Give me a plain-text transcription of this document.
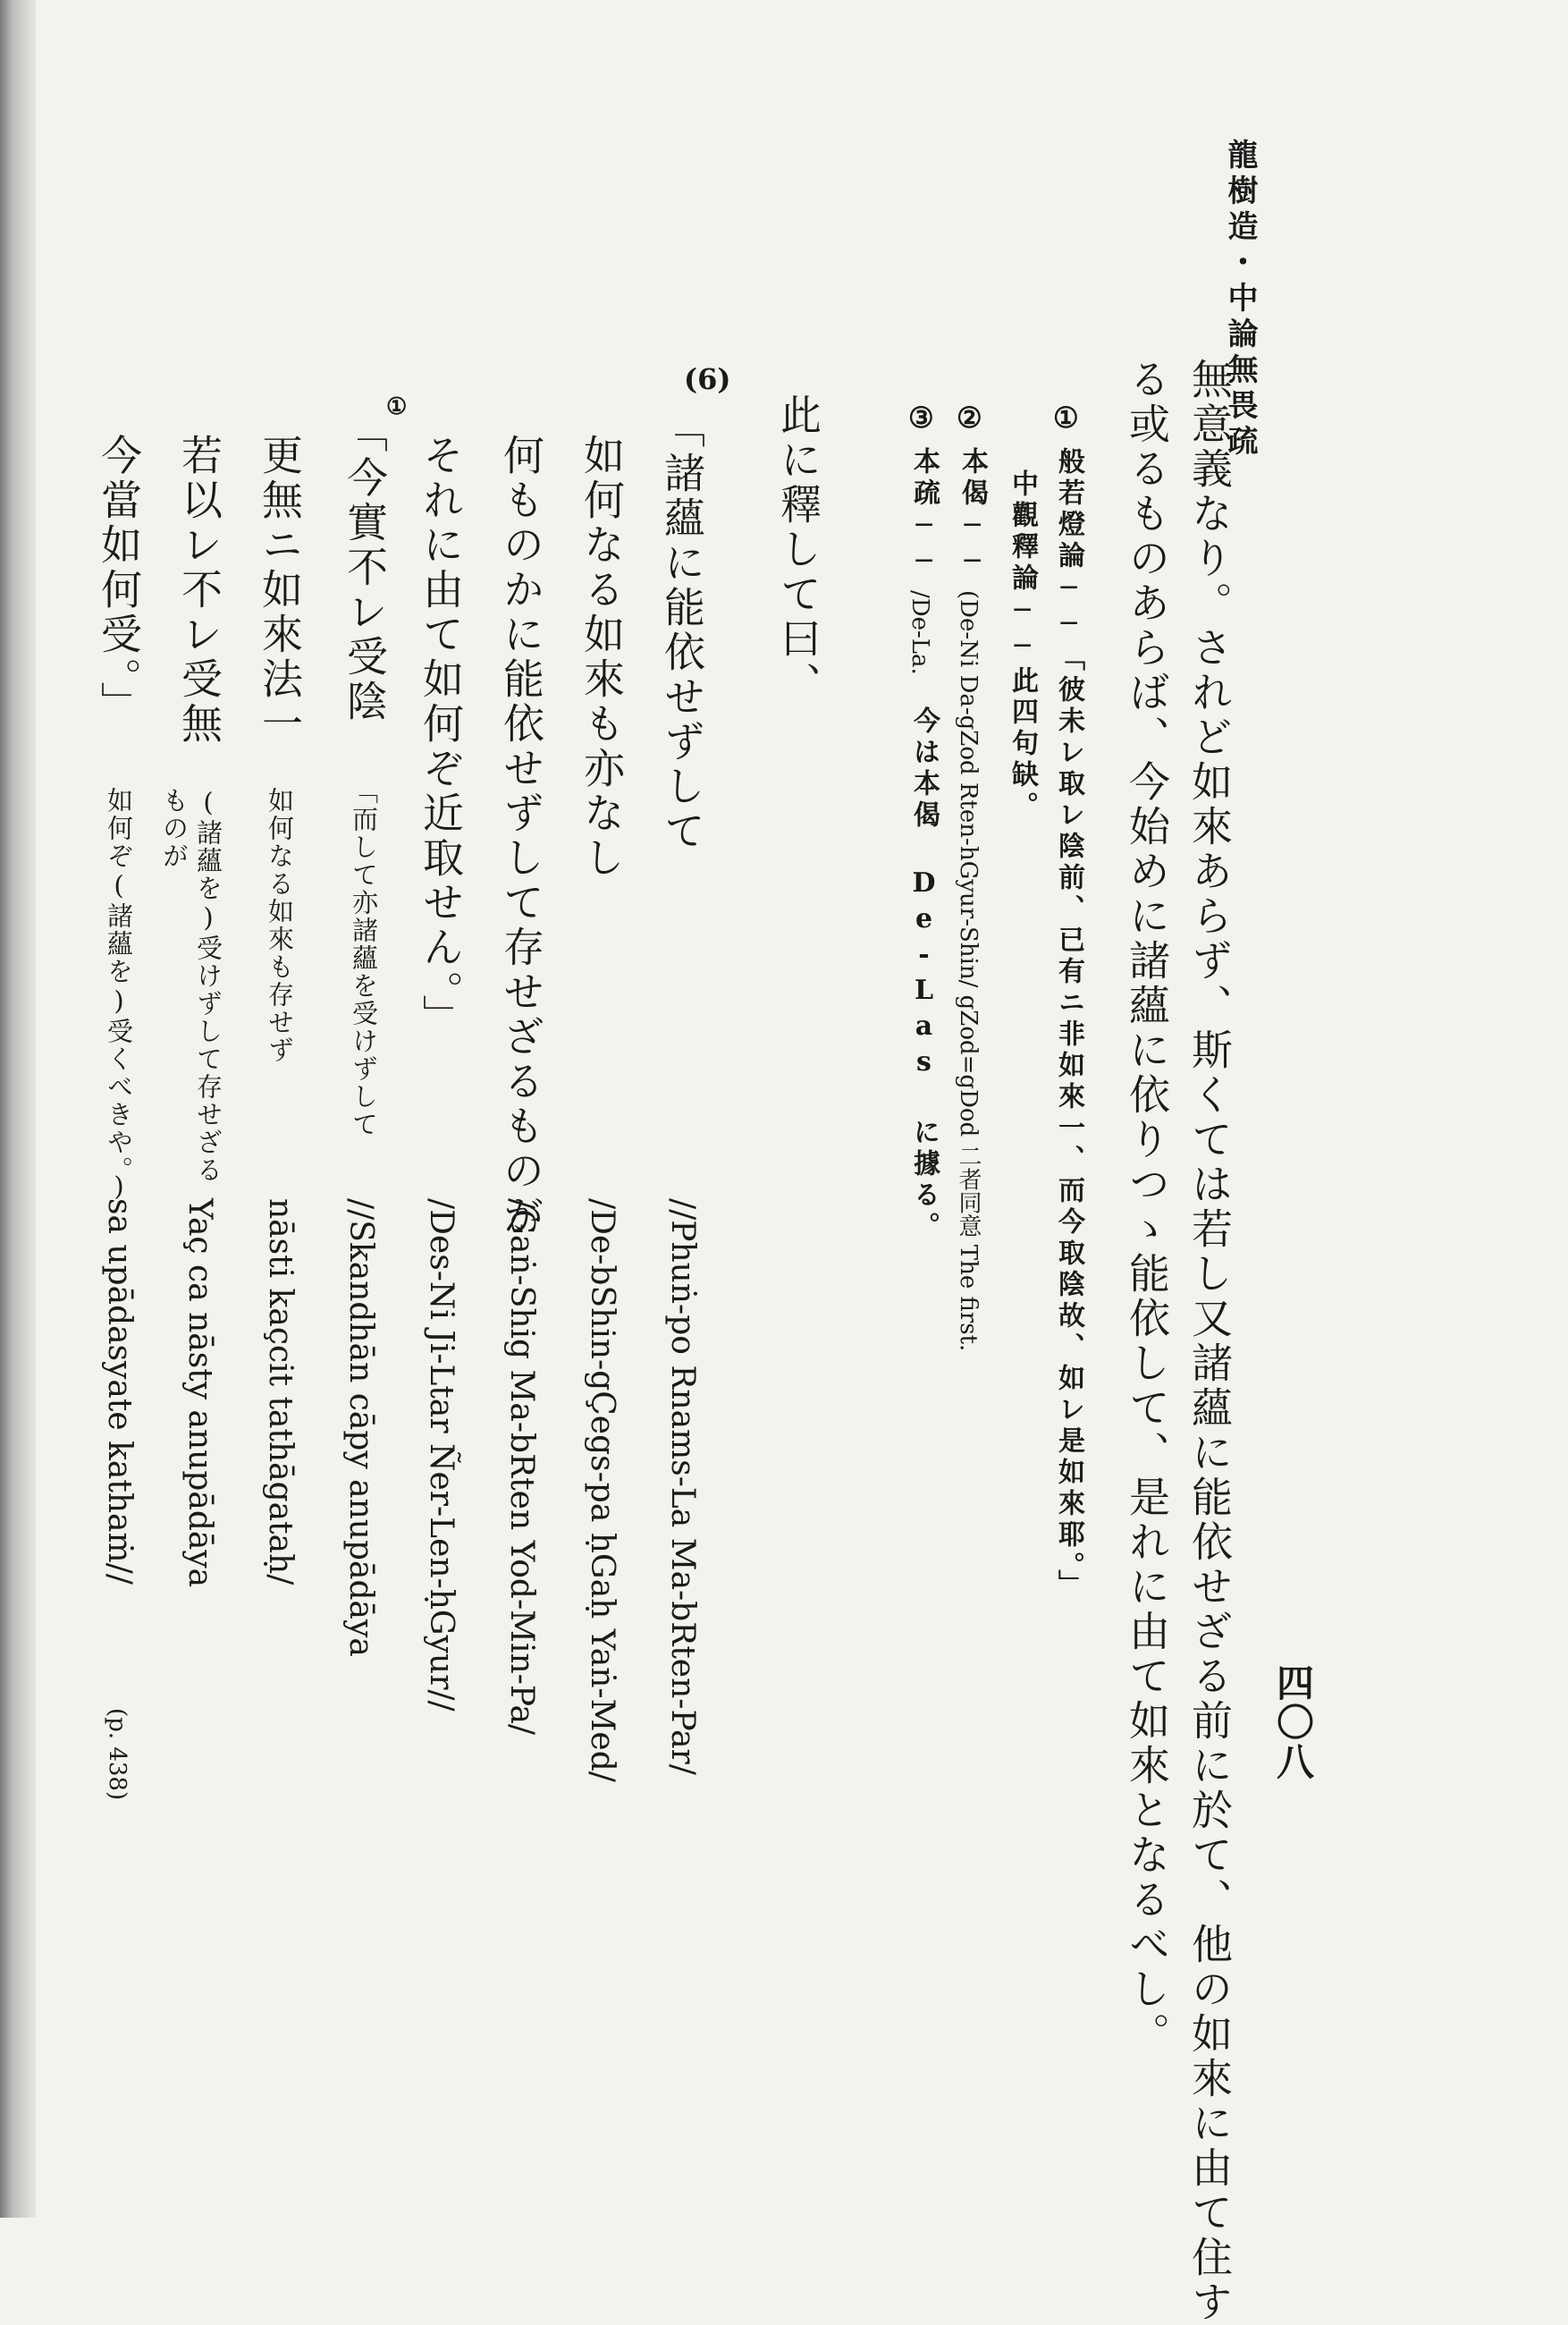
龍樹造・中論無畏疏
四〇八
無意義なり。されど如來あらず、斯くては若し又諸蘊に能依せざる前に於て、他の如來に由て住す
る或るものあらば、今始めに諸蘊に依りつゝ能依して、是れに由て如來となるべし。
①
般若燈論──「彼未レ取レ陰前、已有ニ非如來一、而今取陰故、如レ是如來耶。」
中觀釋論──此四句缺。
②
本偈──
(De-Ni Da-gZod Rten-hGyur-Shin/ gZod=gDod 二者同意 The first.
③
本疏──
/De-La.
今は本偈 De-Las に據る。
此に釋して曰、
(6)
「諸蘊に能依せずして
如何なる如來も亦なし
何ものかに能依せずして存せざるものが
それに由て如何ぞ近取せん。」
//Phuṅ-po Rnams-La Ma-bRten-Par/
/De-bShin-gÇegs-pa ḥGaḥ Yaṅ-Med/
/Gaṅ-Shig Ma-bRten Yod-Min-Pa/
/Des-Ni Ji-Ltar Ñer-Len-ḥGyur//
①
「今實不レ受陰
更無ニ如來法一
若以レ不レ受無
今當如何受。」
「而して亦諸蘊を受けずして
如何なる如來も存せず
(諸蘊を)受けずして存せざる
ものが
如何ぞ(諸蘊を)受くべきや。)
//Skandhān cāpy anupādāya
nāsti kaçcit tathāgataḥ/
Yaç ca nāsty anupādāya
sa upādasyate kathaṁ//
(p. 438)
